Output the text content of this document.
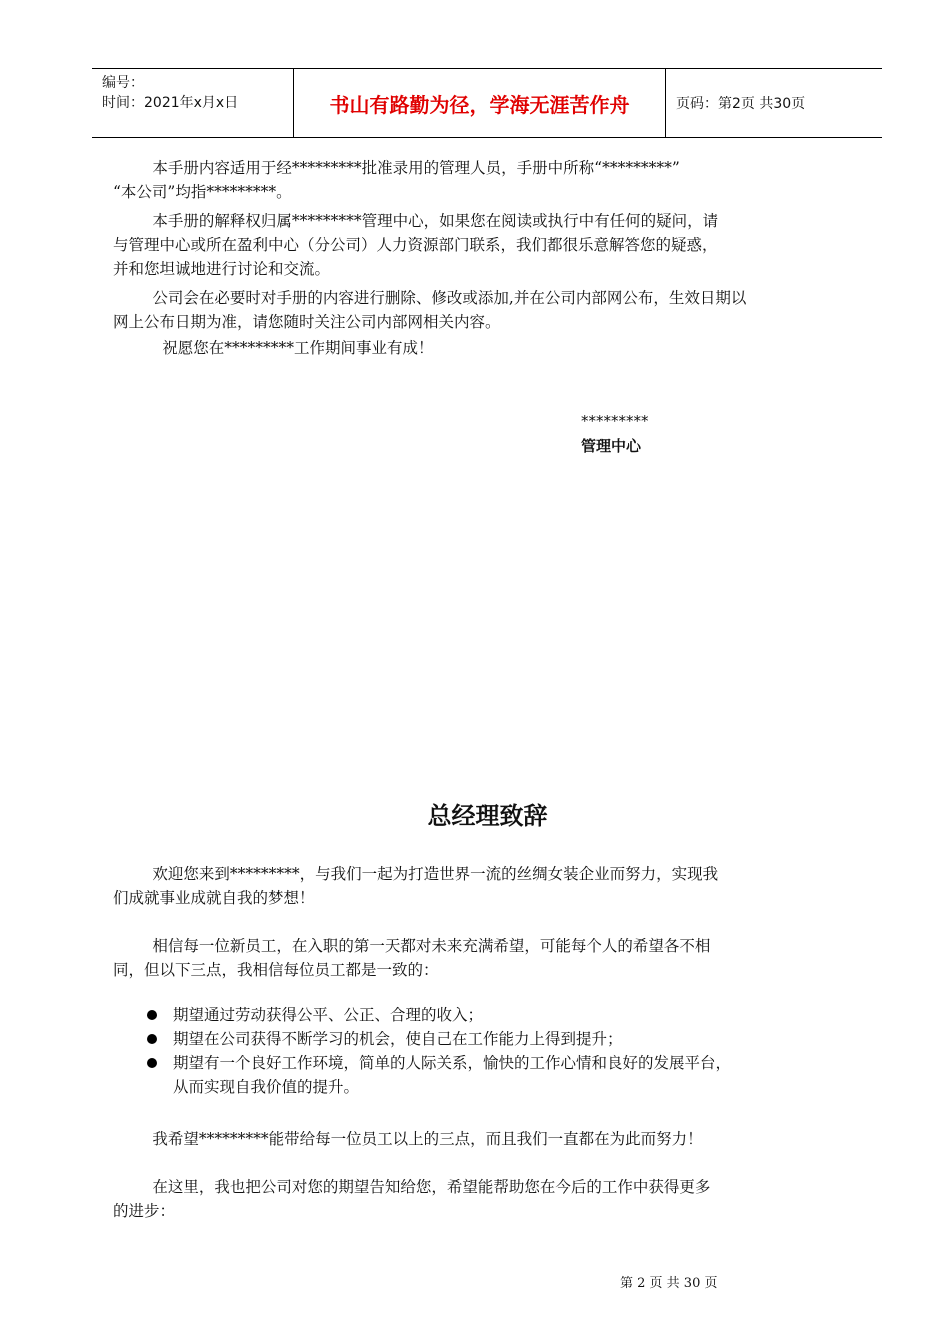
编号：
时间：2021年x月x日	书山有路勤为径，学海无涯苦作舟	页码：第2页 共30页

本手册内容适用于经*********批准录用的管理人员，手册中所称“*********”
“本公司”均指*********。

本手册的解释权归属*********管理中心，如果您在阅读或执行中有任何的疑问，请
与管理中心或所在盈利中心（分公司）人力资源部门联系，我们都很乐意解答您的疑惑，
并和您坦诚地进行讨论和交流。

公司会在必要时对手册的内容进行删除、修改或添加,并在公司内部网公布，生效日期以
网上公布日期为准，请您随时关注公司内部网相关内容。

祝愿您在*********工作期间事业有成！

*********
管理中心
总经理致辞

欢迎您来到*********，与我们一起为打造世界一流的丝绸女装企业而努力，实现我
们成就事业成就自我的梦想！

相信每一位新员工，在入职的第一天都对未来充满希望，可能每个人的希望各不相
同，但以下三点，我相信每位员工都是一致的：

期望通过劳动获得公平、公正、合理的收入；
期望在公司获得不断学习的机会，使自己在工作能力上得到提升；
期望有一个良好工作环境，简单的人际关系，愉快的工作心情和良好的发展平台，
从而实现自我价值的提升。

我希望*********能带给每一位员工以上的三点，而且我们一直都在为此而努力！

在这里，我也把公司对您的期望告知给您，希望能帮助您在今后的工作中获得更多
的进步：

第 2 页 共 30 页
